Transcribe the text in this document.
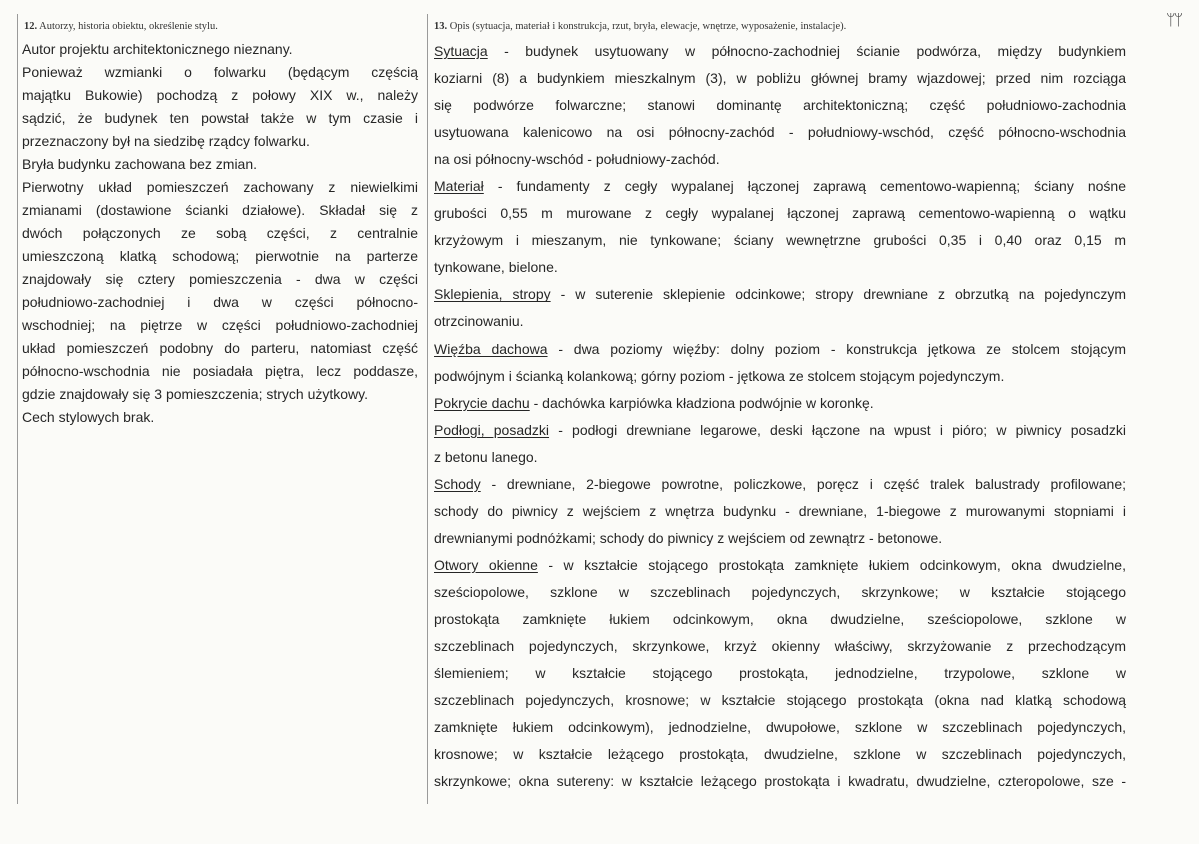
12. Autorzy, historia obiektu, określenie stylu.	13. Opis (sytuacja, materiał i konstrukcja, rzut, bryła, elewacje, wnętrze, wyposażenie, instalacje).	ᛘᛘ

Autor projektu architektonicznego nieznany.

Ponieważ wzmianki o folwarku (będącym częścią

majątku Bukowie) pochodzą z połowy XIX w., należy

sądzić, że budynek ten powstał także w tym czasie i

przeznaczony był na siedzibę rządcy folwarku.

Bryła budynku zachowana bez zmian.

Pierwotny układ pomieszczeń zachowany z niewielkimi

zmianami (dostawione ścianki działowe). Składał się z

dwóch połączonych ze sobą części, z centralnie

umieszczoną klatką schodową; pierwotnie na parterze

znajdowały się cztery pomieszczenia - dwa w części

południowo-zachodniej i dwa w części północno-

wschodniej; na piętrze w części południowo-zachodniej

układ pomieszczeń podobny do parteru, natomiast część

północno-wschodnia nie posiadała piętra, lecz poddasze,

gdzie znajdowały się 3 pomieszczenia; strych użytkowy.

Cech stylowych brak.

Sytuacja - budynek usytuowany w północno-zachodniej ścianie podwórza, między budynkiem

koziarni (8) a budynkiem mieszkalnym (3), w pobliżu głównej bramy wjazdowej; przed nim rozciąga

się podwórze folwarczne; stanowi dominantę architektoniczną; część południowo-zachodnia

usytuowana kalenicowo na osi północny-zachód - południowy-wschód, część północno-wschodnia

na osi północny-wschód - południowy-zachód.

Materiał - fundamenty z cegły wypalanej łączonej zaprawą cementowo-wapienną; ściany nośne

grubości 0,55 m murowane z cegły wypalanej łączonej zaprawą cementowo-wapienną o wątku

krzyżowym i mieszanym, nie tynkowane; ściany wewnętrzne grubości 0,35 i 0,40 oraz 0,15 m

tynkowane, bielone.

Sklepienia, stropy - w suterenie sklepienie odcinkowe; stropy drewniane z obrzutką na pojedynczym

otrzcinowaniu.

Więźba dachowa - dwa poziomy więźby: dolny poziom - konstrukcja jętkowa ze stolcem stojącym

podwójnym i ścianką kolankową; górny poziom - jętkowa ze stolcem stojącym pojedynczym.

Pokrycie dachu - dachówka karpiówka kładziona podwójnie w koronkę.

Podłogi, posadzki - podłogi drewniane legarowe, deski łączone na wpust i pióro; w piwnicy posadzki

z betonu lanego.

Schody - drewniane, 2-biegowe powrotne, policzkowe, poręcz i część tralek balustrady profilowane;

schody do piwnicy z wejściem z wnętrza budynku - drewniane, 1-biegowe z murowanymi stopniami i

drewnianymi podnóżkami; schody do piwnicy z wejściem od zewnątrz - betonowe.

Otwory okienne - w kształcie stojącego prostokąta zamknięte łukiem odcinkowym, okna dwudzielne,

sześciopolowe, szklone w szczeblinach pojedynczych, skrzynkowe; w kształcie stojącego

prostokąta zamknięte łukiem odcinkowym, okna dwudzielne, sześciopolowe, szklone w

szczeblinach pojedynczych, skrzynkowe, krzyż okienny właściwy, skrzyżowanie z przechodzącym

ślemieniem; w kształcie stojącego prostokąta, jednodzielne, trzypolowe, szklone w

szczeblinach pojedynczych, krosnowe; w kształcie stojącego prostokąta (okna nad klatką schodową

zamknięte łukiem odcinkowym), jednodzielne, dwupołowe, szklone w szczeblinach pojedynczych,

krosnowe; w kształcie leżącego prostokąta, dwudzielne, szklone w szczeblinach pojedynczych,

skrzynkowe; okna sutereny: w kształcie leżącego prostokąta i kwadratu, dwudzielne, czteropolowe, sze -
